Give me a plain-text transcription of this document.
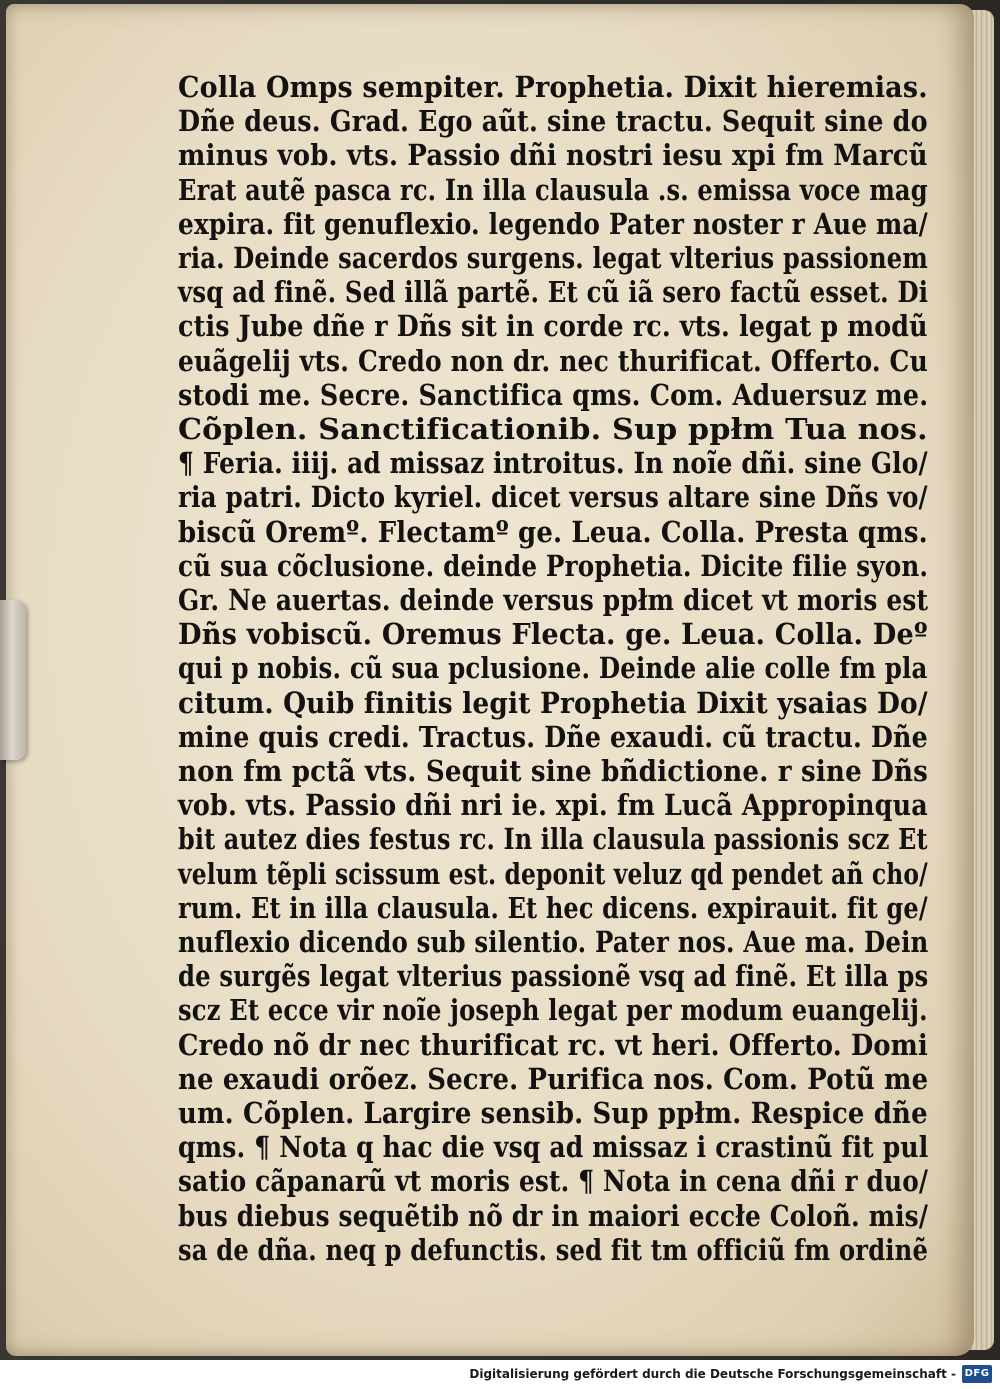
Colla Omps sempiter. Prophetia. Dixit hieremias.
Dñe deus. Grad. Ego aũt. sine tractu. Sequit sine do
minus vob. vts. Passio dñi nostri iesu xpi fm Marcũ
Erat autẽ pasca rc. In illa clausula .s. emissa voce mag
expira. fit genuflexio. legendo Pater noster r Aue ma/
ria. Deinde sacerdos surgens. legat vlterius passionem
vsq ad finẽ. Sed illã partẽ. Et cũ iã sero factũ esset. Di
ctis Jube dñe r Dñs sit in corde rc. vts. legat p modũ
euãgelij vts. Credo non dr. nec thurificat. Offerto. Cu
stodi me. Secre. Sanctifica qms. Com. Aduersuz me.
Cõplen. Sanctificationib. Sup ppłm Tua nos.
¶ Feria. iiij. ad missaz introitus. In noĩe dñi. sine Glo/
ria patri. Dicto kyriel. dicet versus altare sine Dñs vo/
biscũ Oremº. Flectamº ge. Leua. Colla. Presta qms.
cũ sua cõclusione. deinde Prophetia. Dicite filie syon.
Gr. Ne auertas. deinde versus ppłm dicet vt moris est
Dñs vobiscũ. Oremus Flecta. ge. Leua. Colla. Deº
qui p nobis. cũ sua pclusione. Deinde alie colle fm pla
citum. Quib finitis legit Prophetia Dixit ysaias Do/
mine quis credi. Tractus. Dñe exaudi. cũ tractu. Dñe
non fm pctã vts. Sequit sine bñdictione. r sine Dñs
vob. vts. Passio dñi nri ie. xpi. fm Lucã Appropinqua
bit autez dies festus rc. In illa clausula passionis scz Et
velum tẽpli scissum est. deponit veluz qd pendet añ cho/
rum. Et in illa clausula. Et hec dicens. expirauit. fit ge/
nuflexio dicendo sub silentio. Pater nos. Aue ma. Dein
de surgẽs legat vlterius passionẽ vsq ad finẽ. Et illa ps
scz Et ecce vir noĩe joseph legat per modum euangelij.
Credo nõ dr nec thurificat rc. vt heri. Offerto. Domi
ne exaudi orõez. Secre. Purifica nos. Com. Potũ me
um. Cõplen. Largire sensib. Sup ppłm. Respice dñe
qms. ¶ Nota q hac die vsq ad missaz i crastinũ fit pul
satio cãpanarũ vt moris est. ¶ Nota in cena dñi r duo/
bus diebus sequẽtib nõ dr in maiori eccłe Coloñ. mis/
sa de dña. neq p defunctis. sed fit tm officiũ fm ordinẽ
Digitalisierung gefördert durch die Deutsche Forschungsgemeinschaft - DFG
